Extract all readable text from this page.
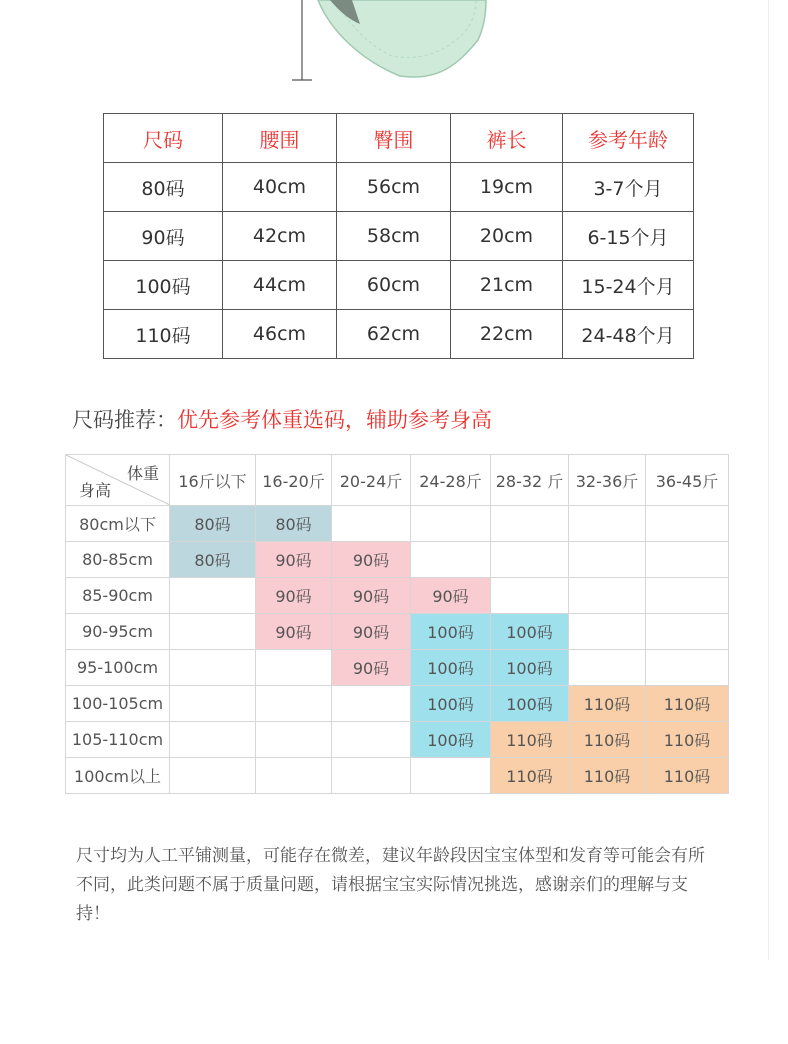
尺码	腰围	臀围	裤长	参考年龄
80码	40cm	56cm	19cm	3-7个月
90码	42cm	58cm	20cm	6-15个月
100码	44cm	60cm	21cm	15-24个月
110码	46cm	62cm	22cm	24-48个月
尺码推荐：优先参考体重选码，辅助参考身高
体重
身高	16斤以下	16-20斤	20-24斤	24-28斤	28-32 斤	32-36斤	36-45斤
80cm以下	80码	80码					
80-85cm	80码	90码	90码				
85-90cm		90码	90码	90码			
90-95cm		90码	90码	100码	100码		
95-100cm			90码	100码	100码		
100-105cm				100码	100码	110码	110码
105-110cm				100码	110码	110码	110码
100cm以上					110码	110码	110码
尺寸均为人工平铺测量，可能存在微差，建议年龄段因宝宝体型和发育等可能会有所不同，此类问题不属于质量问题，请根据宝宝实际情况挑选，感谢亲们的理解与支持！
